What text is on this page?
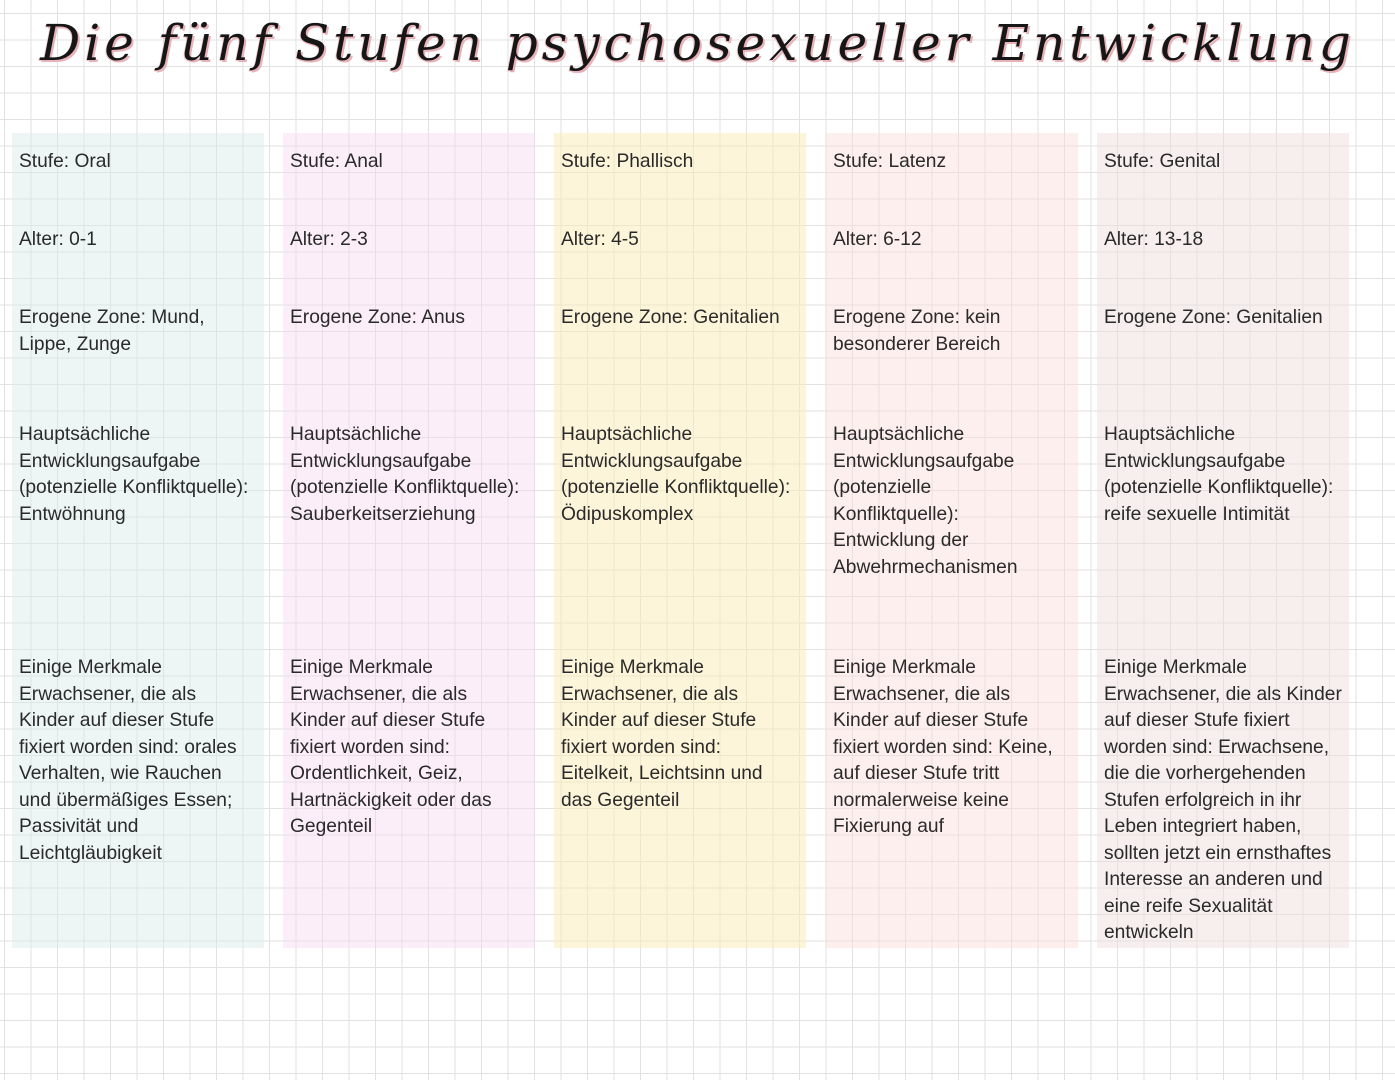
Die fünf Stufen psychosexueller Entwicklung
Stufe: Oral
Alter: 0-1
Erogene Zone: Mund, Lippe, Zunge
Hauptsächliche Entwicklungsaufgabe (potenzielle Konfliktquelle): Entwöhnung
Einige Merkmale Erwachsener, die als Kinder auf dieser Stufe fixiert worden sind: orales Verhalten, wie Rauchen und übermäßiges Essen; Passivität und Leichtgläubigkeit
Stufe: Anal
Alter: 2-3
Erogene Zone: Anus
Hauptsächliche Entwicklungsaufgabe (potenzielle Konfliktquelle): Sauberkeitserziehung
Einige Merkmale Erwachsener, die als Kinder auf dieser Stufe fixiert worden sind: Ordentlichkeit, Geiz, Hartnäckigkeit oder das Gegenteil
Stufe: Phallisch
Alter: 4-5
Erogene Zone: Genitalien
Hauptsächliche Entwicklungsaufgabe (potenzielle Konfliktquelle): Ödipuskomplex
Einige Merkmale Erwachsener, die als Kinder auf dieser Stufe fixiert worden sind: Eitelkeit, Leichtsinn und das Gegenteil
Stufe: Latenz
Alter: 6-12
Erogene Zone: kein besonderer Bereich
Hauptsächliche Entwicklungsaufgabe (potenzielle Konfliktquelle): Entwicklung der Abwehrmechanismen
Einige Merkmale Erwachsener, die als Kinder auf dieser Stufe fixiert worden sind: Keine, auf dieser Stufe tritt normalerweise keine Fixierung auf
Stufe: Genital
Alter: 13-18
Erogene Zone: Genitalien
Hauptsächliche Entwicklungsaufgabe (potenzielle Konfliktquelle): reife sexuelle Intimität
Einige Merkmale Erwachsener, die als Kinder auf dieser Stufe fixiert worden sind: Erwachsene, die die vorhergehenden Stufen erfolgreich in ihr Leben integriert haben, sollten jetzt ein ernsthaftes Interesse an anderen und eine reife Sexualität entwickeln
